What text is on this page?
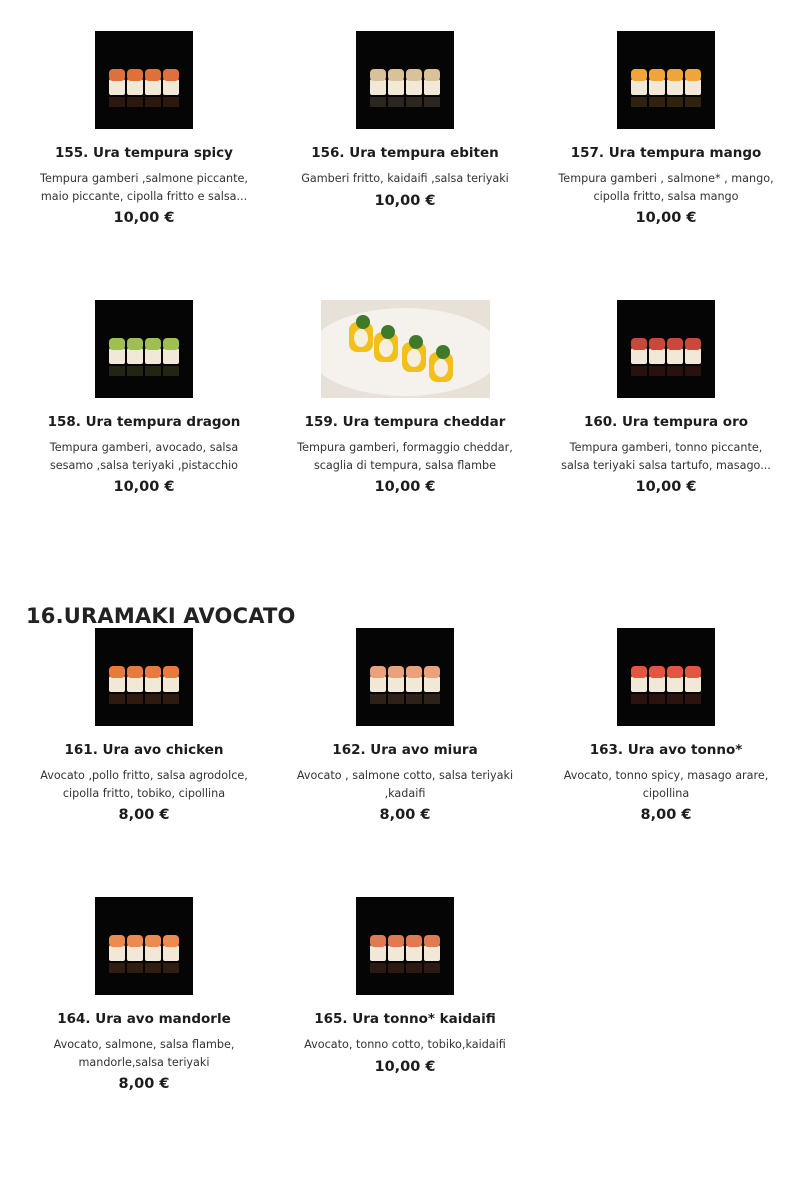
16.URAMAKI AVOCATO
155. Ura tempura spicy
Tempura gamberi ,salmone piccante,
maio piccante, cipolla fritto e salsa...
10,00 €
156. Ura tempura ebiten
Gamberi fritto, kaidaifi ,salsa teriyaki
10,00 €
157. Ura tempura mango
Tempura gamberi , salmone* , mango,
cipolla fritto, salsa mango
10,00 €
158. Ura tempura dragon
Tempura gamberi, avocado, salsa
sesamo ,salsa teriyaki ,pistacchio
10,00 €
159. Ura tempura cheddar
Tempura gamberi, formaggio cheddar,
scaglia di tempura, salsa flambe
10,00 €
160. Ura tempura oro
Tempura gamberi, tonno piccante,
salsa teriyaki salsa tartufo, masago...
10,00 €
161. Ura avo chicken
Avocato ,pollo fritto, salsa agrodolce,
cipolla fritto, tobiko, cipollina
8,00 €
162. Ura avo miura
Avocato , salmone cotto, salsa teriyaki
,kadaifi
8,00 €
163. Ura avo tonno*
Avocato, tonno spicy, masago arare,
cipollina
8,00 €
164. Ura avo mandorle
Avocato, salmone, salsa flambe,
mandorle,salsa teriyaki
8,00 €
165. Ura tonno* kaidaifi
Avocato, tonno cotto, tobiko,kaidaifi
10,00 €
